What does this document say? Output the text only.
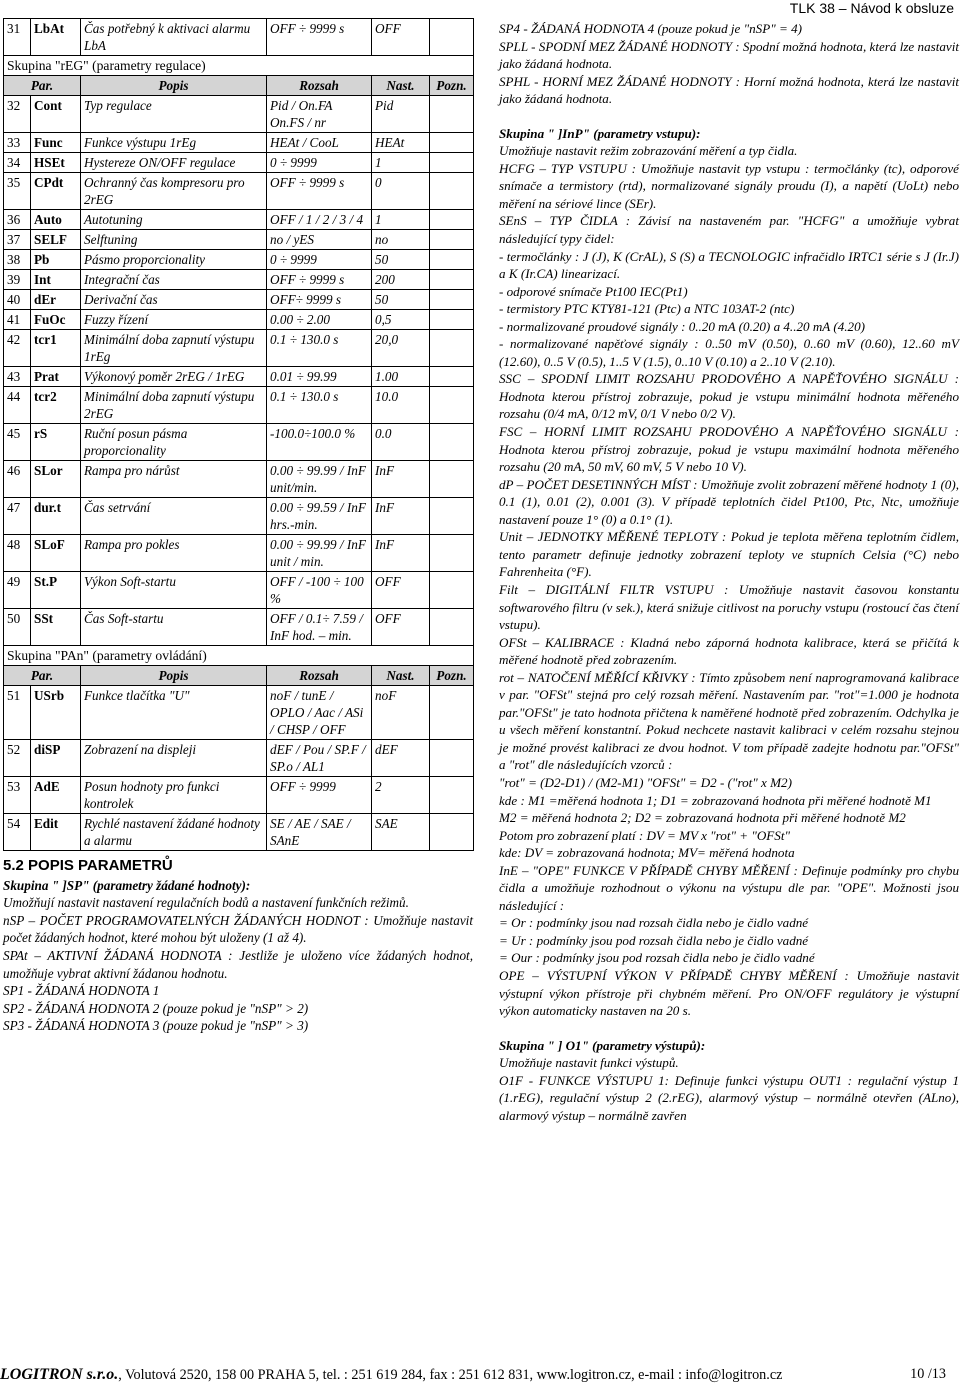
TLK 38 – Návod k obsluze
31	LbAt	Čas potřebný k aktivaci alarmu LbA	OFF ÷ 9999 s	OFF	
Skupina "rEG" (parametry regulace)					
Par.		Popis	Rozsah	Nast.	Pozn.
32	Cont	Typ regulace	Pid / On.FA On.FS / nr	Pid	
33	Func	Funkce výstupu 1rEg	HEAt / CooL	HEAt	
34	HSEt	Hystereze ON/OFF regulace	0 ÷ 9999	1	
35	CPdt	Ochranný čas kompresoru pro 2rEG	OFF ÷ 9999 s	0	
36	Auto	Autotuning	OFF / 1 / 2 / 3 / 4	1	
37	SELF	Selftuning	no / yES	no	
38	Pb	Pásmo proporcionality	0 ÷ 9999	50	
39	Int	Integrační čas	OFF ÷ 9999 s	200	
40	dEr	Derivační čas	OFF÷ 9999 s	50	
41	FuOc	Fuzzy řízení	0.00 ÷ 2.00	0,5	
42	tcr1	Minimální doba zapnutí výstupu 1rEg	0.1 ÷ 130.0 s	20,0	
43	Prat	Výkonový poměr 2rEG / 1rEG	0.01 ÷ 99.99	1.00	
44	tcr2	Minimální doba zapnutí výstupu 2rEG	0.1 ÷ 130.0 s	10.0	
45	rS	Ruční posun pásma proporcionality	-100.0÷100.0 %	0.0	
46	SLor	Rampa pro nárůst	0.00 ÷ 99.99 / InF unit/min.	InF	
47	dur.t	Čas setrvání	0.00 ÷ 99.59 / InF hrs.-min.	InF	
48	SLoF	Rampa pro pokles	0.00 ÷ 99.99 / InF unit / min.	InF	
49	St.P	Výkon Soft-startu	OFF / -100 ÷ 100 %	OFF	
50	SSt	Čas Soft-startu	OFF / 0.1÷ 7.59 / InF hod. – min.	OFF	
Skupina "PAn" (parametry ovládání)					
Par.		Popis	Rozsah	Nast.	Pozn.
51	USrb	Funkce tlačítka "U"	noF / tunE / OPLO / Aac / ASi / CHSP / OFF	noF	
52	diSP	Zobrazení na displeji	dEF / Pou / SP.F / SP.o / AL1	dEF	
53	AdE	Posun hodnoty pro funkci kontrolek	OFF ÷ 9999	2	
54	Edit	Rychlé nastavení žádané hodnoty a alarmu	SE / AE / SAE / SAnE	SAE	

5.2 POPIS PARAMETRŮ

Skupina " ]SP" (parametry žádané hodnoty):

Umožňují nastavit nastavení regulačních bodů a nastavení funkčních režimů.

nSP – POČET PROGRAMOVATELNÝCH ŽÁDANÝCH HODNOT : Umožňuje nastavit počet žádaných hodnot, které mohou být uloženy (1 až 4).

SPAt – AKTIVNÍ ŽÁDANÁ HODNOTA : Jestliže je uloženo více žádaných hodnot, umožňuje vybrat aktivní žádanou hodnotu.

SP1 - ŽÁDANÁ HODNOTA 1

SP2 - ŽÁDANÁ HODNOTA 2 (pouze pokud je "nSP" > 2)

SP3 - ŽÁDANÁ HODNOTA 3 (pouze pokud je "nSP" > 3)

SP4 - ŽÁDANÁ HODNOTA 4 (pouze pokud je "nSP" = 4)

SPLL - SPODNÍ MEZ ŽÁDANÉ HODNOTY : Spodní možná hodnota, která lze nastavit jako žádaná hodnota.

SPHL - HORNÍ MEZ ŽÁDANÉ HODNOTY : Horní možná hodnota, která lze nastavit jako žádaná hodnota.

Skupina " ]InP" (parametry vstupu):

Umožňuje nastavit režim zobrazování měření a typ čidla.

HCFG – TYP VSTUPU : Umožňuje nastavit typ vstupu : termočlánky (tc), odporové snímače a termistory (rtd), normalizované signály proudu (I), a napětí (UoLt) nebo měření na sériové lince (SEr).

SEnS – TYP ČIDLA : Závisí na nastaveném par. "HCFG" a umožňuje vybrat následující typy čidel:

- termočlánky : J (J), K (CrAL), S (S) a TECNOLOGIC infračidlo IRTC1 série s J (Ir.J) a K (Ir.CA) linearizací.

- odporové snímače Pt100 IEC(Pt1)

- termistory PTC KTY81-121 (Ptc) a NTC 103AT-2 (ntc)

- normalizované proudové signály : 0..20 mA (0.20) a 4..20 mA (4.20)

- normalizované napěťové signály : 0..50 mV (0.50), 0..60 mV (0.60), 12..60 mV (12.60), 0..5 V (0.5), 1..5 V (1.5), 0..10 V (0.10) a 2..10 V (2.10).

SSC – SPODNÍ LIMIT ROZSAHU PRODOVÉHO A NAPĚŤOVÉHO SIGNÁLU : Hodnota kterou přístroj zobrazuje, pokud je vstupu minimální hodnota měřeného rozsahu (0/4 mA, 0/12 mV, 0/1 V nebo 0/2 V).

FSC – HORNÍ LIMIT ROZSAHU PRODOVÉHO A NAPĚŤOVÉHO SIGNÁLU : Hodnota kterou přístroj zobrazuje, pokud je vstupu maximální hodnota měřeného rozsahu (20 mA, 50 mV, 60 mV, 5 V nebo 10 V).

dP – POČET DESETINNÝCH MÍST : Umožňuje zvolit zobrazení měřené hodnoty 1 (0), 0.1 (1), 0.01 (2), 0.001 (3). V případě teplotních čidel Pt100, Ptc, Ntc, umožňuje nastavení pouze 1° (0) a 0.1° (1).

Unit – JEDNOTKY MĚŘENÉ TEPLOTY : Pokud je teplota měřena teplotním čidlem, tento parametr definuje jednotky zobrazení teploty ve stupních Celsia (°C) nebo Fahrenheita (°F).

Filt – DIGITÁLNÍ FILTR VSTUPU : Umožňuje nastavit časovou konstantu softwarového filtru (v sek.), která snižuje citlivost na poruchy vstupu (rostoucí čas čtení vstupu).

OFSt – KALIBRACE : Kladná nebo záporná hodnota kalibrace, která se přičítá k měřené hodnotě před zobrazením.

rot – NATOČENÍ MĚŘÍCÍ KŘIVKY : Tímto způsobem není naprogramovaná kalibrace v par. "OFSt" stejná pro celý rozsah měření. Nastavením par. "rot"=1.000 je hodnota par."OFSt" je tato hodnota přičtena k naměřené hodnotě před zobrazením. Odchylka je u všech měření konstantní. Pokud nechcete nastavit kalibraci v celém rozsahu stejnou je možné provést kalibraci ze dvou hodnot. V tom případě zadejte hodnotu par."OFSt" a "rot" dle následujících vzorců :

"rot" = (D2-D1) / (M2-M1) "OFSt" = D2 - ("rot" x M2)

kde : M1 =měřená hodnota 1; D1 = zobrazovaná hodnota při měřené hodnotě M1

M2 = měřená hodnota 2; D2 = zobrazovaná hodnota při měřené hodnotě M2

Potom pro zobrazení platí : DV = MV x "rot" + "OFSt"

kde: DV = zobrazovaná hodnota; MV= měřená hodnota

InE – "OPE" FUNKCE V PŘÍPADĚ CHYBY MĚŘENÍ : Definuje podmínky pro chybu čidla a umožňuje rozhodnout o výkonu na výstupu dle par. "OPE". Možnosti jsou následující :

= Or : podmínky jsou nad rozsah čidla nebo je čidlo vadné

= Ur : podmínky jsou pod rozsah čidla nebo je čidlo vadné

= Our : podmínky jsou pod rozsah čidla nebo je čidlo vadné

OPE – VÝSTUPNÍ VÝKON V PŘÍPADĚ CHYBY MĚŘENÍ : Umožňuje nastavit výstupní výkon přístroje při chybném měření. Pro ON/OFF regulátory je výstupní výkon automaticky nastaven na 20 s.

Skupina " ] O1" (parametry výstupů):

Umožňuje nastavit funkci výstupů.

O1F - FUNKCE VÝSTUPU 1: Definuje funkci výstupu OUT1 : regulační výstup 1 (1.rEG), regulační výstup 2 (2.rEG), alarmový výstup – normálně otevřen (ALno), alarmový výstup – normálně zavřen

LOGITRON s.r.o., Volutová 2520, 158 00 PRAHA 5, tel. : 251 619 284, fax : 251 612 831, www.logitron.cz, e-mail : info@logitron.cz	10 /13
